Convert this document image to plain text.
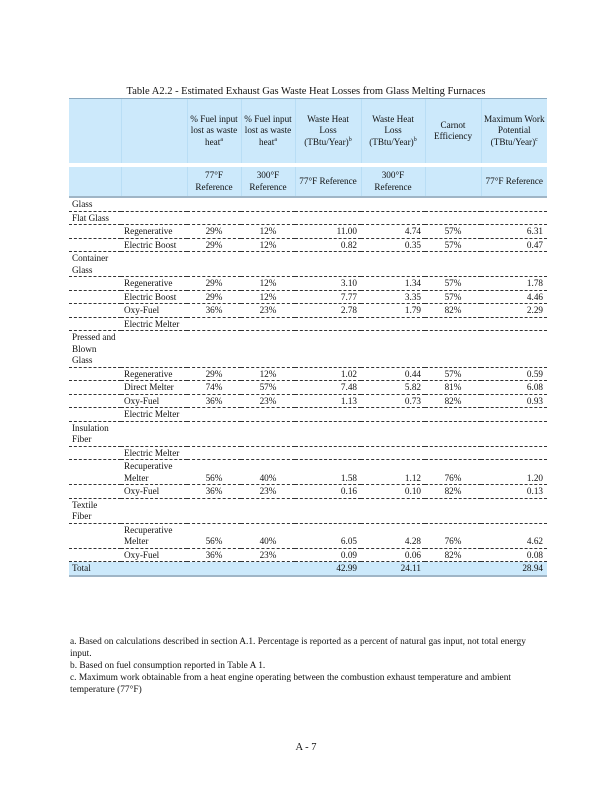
Table A2.2 - Estimated Exhaust Gas Waste Heat Losses from Glass Melting Furnaces
		% Fuel input lost as waste heat$^a$	% Fuel input lost as waste heat$^a$	Waste Heat Loss (TBtu/Year)$^b$	Waste Heat Loss (TBtu/Year)$^b$	Carnot Efficiency	Maximum Work Potential (TBtu/Year)$^c$
		77°F Reference	300°F Reference	77°F Reference	300°F Reference		77°F Reference
Glass							
Flat Glass							
	Regenerative	29%	12%	11.00	4.74	57%	6.31
	Electric Boost	29%	12%	0.82	0.35	57%	0.47
Container Glass							
	Regenerative	29%	12%	3.10	1.34	57%	1.78
	Electric Boost	29%	12%	7.77	3.35	57%	4.46
	Oxy-Fuel	36%	23%	2.78	1.79	82%	2.29
	Electric Melter						
Pressed and Blown Glass							
	Regenerative	29%	12%	1.02	0.44	57%	0.59
	Direct Melter	74%	57%	7.48	5.82	81%	6.08
	Oxy-Fuel	36%	23%	1.13	0.73	82%	0.93
	Electric Melter						
Insulation Fiber							
	Electric Melter						
	Recuperative Melter	56%	40%	1.58	1.12	76%	1.20
	Oxy-Fuel	36%	23%	0.16	0.10	82%	0.13
Textile Fiber							
	Recuperative Melter	56%	40%	6.05	4.28	76%	4.62
	Oxy-Fuel	36%	23%	0.09	0.06	82%	0.08
Total				42.99	24.11		28.94

a. Based on calculations described in section A.1. Percentage is reported as a percent of natural gas input, not total energy input.

b. Based on fuel consumption reported in Table A 1.

c. Maximum work obtainable from a heat engine operating between the combustion exhaust temperature and ambient temperature (77°F)

A - 7
